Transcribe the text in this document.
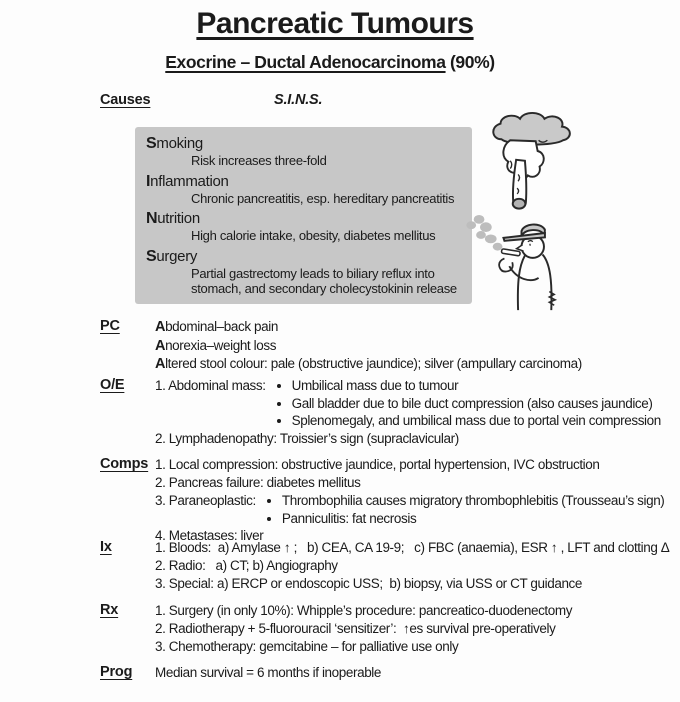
Pancreatic Tumours
Exocrine – Ductal Adenocarcinoma (90%)
Causes	S.I.N.S.
Smoking
Risk increases three-fold
Inflammation
Chronic pancreatitis, esp. hereditary pancreatitis
Nutrition
High calorie intake, obesity, diabetes mellitus
Surgery
Partial gastrectomy leads to biliary reflux into stomach, and secondary cholecystokinin release
PC	Abdominal–back pain
Anorexia–weight loss
Altered stool colour: pale (obstructive jaundice); silver (ampullary carcinoma)
O/E	1. Abdominal mass: • Umbilical mass due to tumour
• Gall bladder due to bile duct compression (also causes jaundice)
• Splenomegaly, and umbilical mass due to portal vein compression
2. Lymphadenopathy: Troissier’s sign (supraclavicular)
Comps 1. Local compression: obstructive jaundice, portal hypertension, IVC obstruction
2. Pancreas failure: diabetes mellitus
3. Paraneoplastic: • Thrombophilia causes migratory thrombophlebitis (Trousseau’s sign)
• Panniculitis: fat necrosis
4. Metastases: liver
Ix	1. Bloods:  a) Amylase ↑ ;   b) CEA, CA 19-9;   c) FBC (anaemia), ESR ↑ , LFT and clotting Δ
2. Radio:   a) CT; b) Angiography
3. Special: a) ERCP or endoscopic USS;  b) biopsy, via USS or CT guidance
Rx	1. Surgery (in only 10%): Whipple’s procedure: pancreatico-duodenectomy
2. Radiotherapy + 5-fluorouracil ‘sensitizer’:  ↑es survival pre-operatively
3. Chemotherapy: gemcitabine – for palliative use only
Prog	Median survival = 6 months if inoperable
